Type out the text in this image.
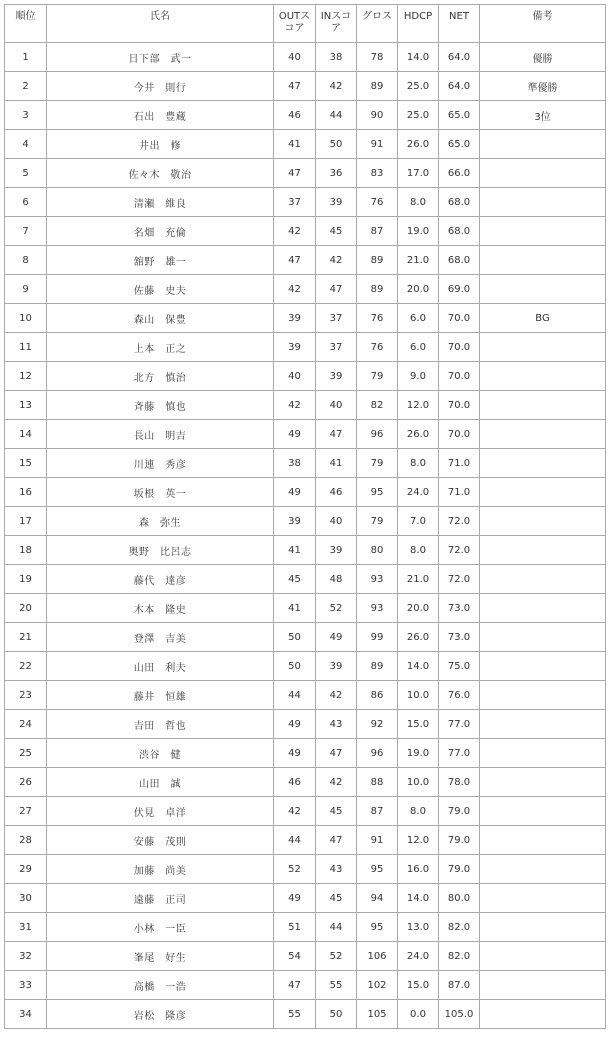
順位	氏名	OUTスコア	INスコア	グロス	HDCP	NET	備考
1	日下部　武一	40	38	78	14.0	64.0	優勝
2	今井　則行	47	42	89	25.0	64.0	準優勝
3	石出　豊蔵	46	44	90	25.0	65.0	3位
4	井出　修	41	50	91	26.0	65.0	
5	佐々木　敬治	47	36	83	17.0	66.0	
6	清瀬　維良	37	39	76	8.0	68.0	
7	名畑　充倫	42	45	87	19.0	68.0	
8	舘野　雄一	47	42	89	21.0	68.0	
9	佐藤　史夫	42	47	89	20.0	69.0	
10	森山　保豊	39	37	76	6.0	70.0	BG
11	上本　正之	39	37	76	6.0	70.0	
12	北方　慎治	40	39	79	9.0	70.0	
13	斉藤　慎也	42	40	82	12.0	70.0	
14	長山　明吉	49	47	96	26.0	70.0	
15	川連　秀彦	38	41	79	8.0	71.0	
16	坂根　英一	49	46	95	24.0	71.0	
17	森　弥生	39	40	79	7.0	72.0	
18	奥野　比呂志	41	39	80	8.0	72.0	
19	藤代　達彦	45	48	93	21.0	72.0	
20	木本　隆史	41	52	93	20.0	73.0	
21	登澤　吉美	50	49	99	26.0	73.0	
22	山田　利夫	50	39	89	14.0	75.0	
23	藤井　恒雄	44	42	86	10.0	76.0	
24	吉田　哲也	49	43	92	15.0	77.0	
25	渋谷　健	49	47	96	19.0	77.0	
26	山田　誠	46	42	88	10.0	78.0	
27	伏見　卓洋	42	45	87	8.0	79.0	
28	安藤　茂則	44	47	91	12.0	79.0	
29	加藤　尚美	52	43	95	16.0	79.0	
30	遠藤　正司	49	45	94	14.0	80.0	
31	小林　一臣	51	44	95	13.0	82.0	
32	峯尾　好生	54	52	106	24.0	82.0	
33	高橋　一浩	47	55	102	15.0	87.0	
34	岩松　隆彦	55	50	105	0.0	105.0	
